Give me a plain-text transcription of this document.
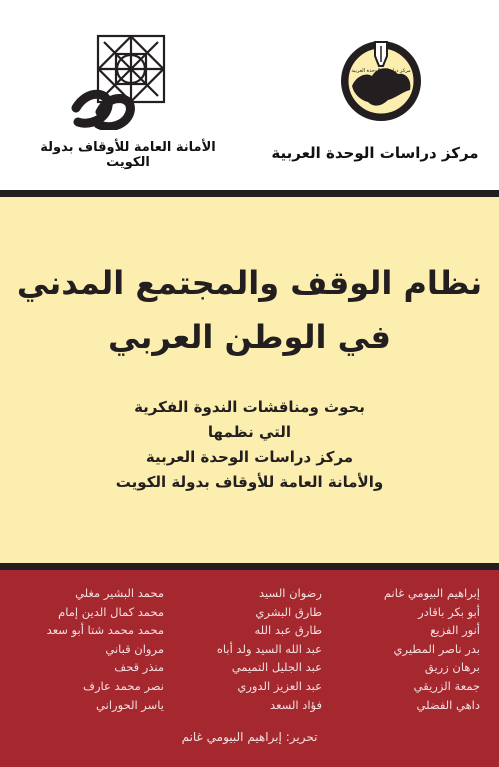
مركز دراسات الوحدة العربية
الأمانة العامة للأوقاف بدولة الكويت
مركز دراسات الوحدة العربية
نظام الوقف والمجتمع المدني
في الوطن العربي
بحوث ومناقشات الندوة الفكرية
التي نظمها
مركز دراسات الوحدة العربية
والأمانة العامة للأوقاف بدولة الكويت
إبراهيم البيومي غانم
أبو بكر باقادر
أنور الفزيع
بدر ناصر المطيري
برهان زريق
جمعة الزريقي
داهي الفضلي
رضوان السيد
طارق البشري
طارق عبد الله
عبد الله السيد ولد أباه
عبد الجليل التميمي
عبد العزيز الدوري
فؤاد السعد
محمد البشير مغلي
محمد كمال الدين إمام
محمد محمد شتا أبو سعد
مروان قباني
منذر قحف
نصر محمد عارف
ياسر الحوراني
تحرير: إبراهيم البيومي غانم
